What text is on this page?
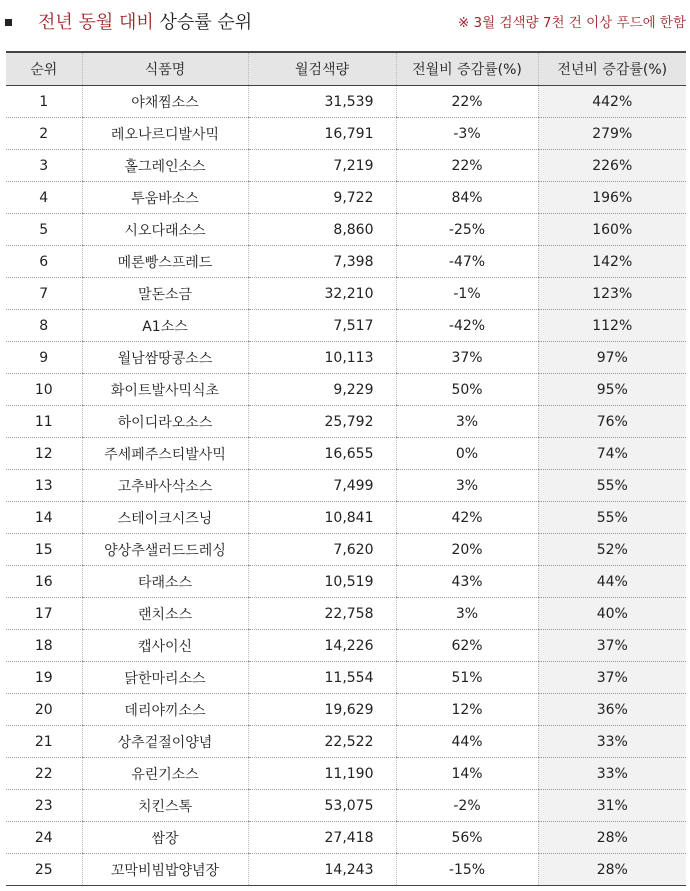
전년 동월 대비 상승률 순위	※ 3월 검색량 7천 건 이상 푸드에 한함
순위	식품명	월검색량	전월비 증감률(%)	전년비 증감률(%)
1	야채찜소스	31,539	22%	442%
2	레오나르디발사믹	16,791	-3%	279%
3	홀그레인소스	7,219	22%	226%
4	투움바소스	9,722	84%	196%
5	시오다래소스	8,860	-25%	160%
6	메론빵스프레드	7,398	-47%	142%
7	말돈소금	32,210	-1%	123%
8	A1소스	7,517	-42%	112%
9	월남쌈땅콩소스	10,113	37%	97%
10	화이트발사믹식초	9,229	50%	95%
11	하이디라오소스	25,792	3%	76%
12	주세페주스티발사믹	16,655	0%	74%
13	고추바사삭소스	7,499	3%	55%
14	스테이크시즈닝	10,841	42%	55%
15	양상추샐러드드레싱	7,620	20%	52%
16	타래소스	10,519	43%	44%
17	랜치소스	22,758	3%	40%
18	캡사이신	14,226	62%	37%
19	닭한마리소스	11,554	51%	37%
20	데리야끼소스	19,629	12%	36%
21	상추겉절이양념	22,522	44%	33%
22	유린기소스	11,190	14%	33%
23	치킨스톡	53,075	-2%	31%
24	쌈장	27,418	56%	28%
25	꼬막비빔밥양념장	14,243	-15%	28%
